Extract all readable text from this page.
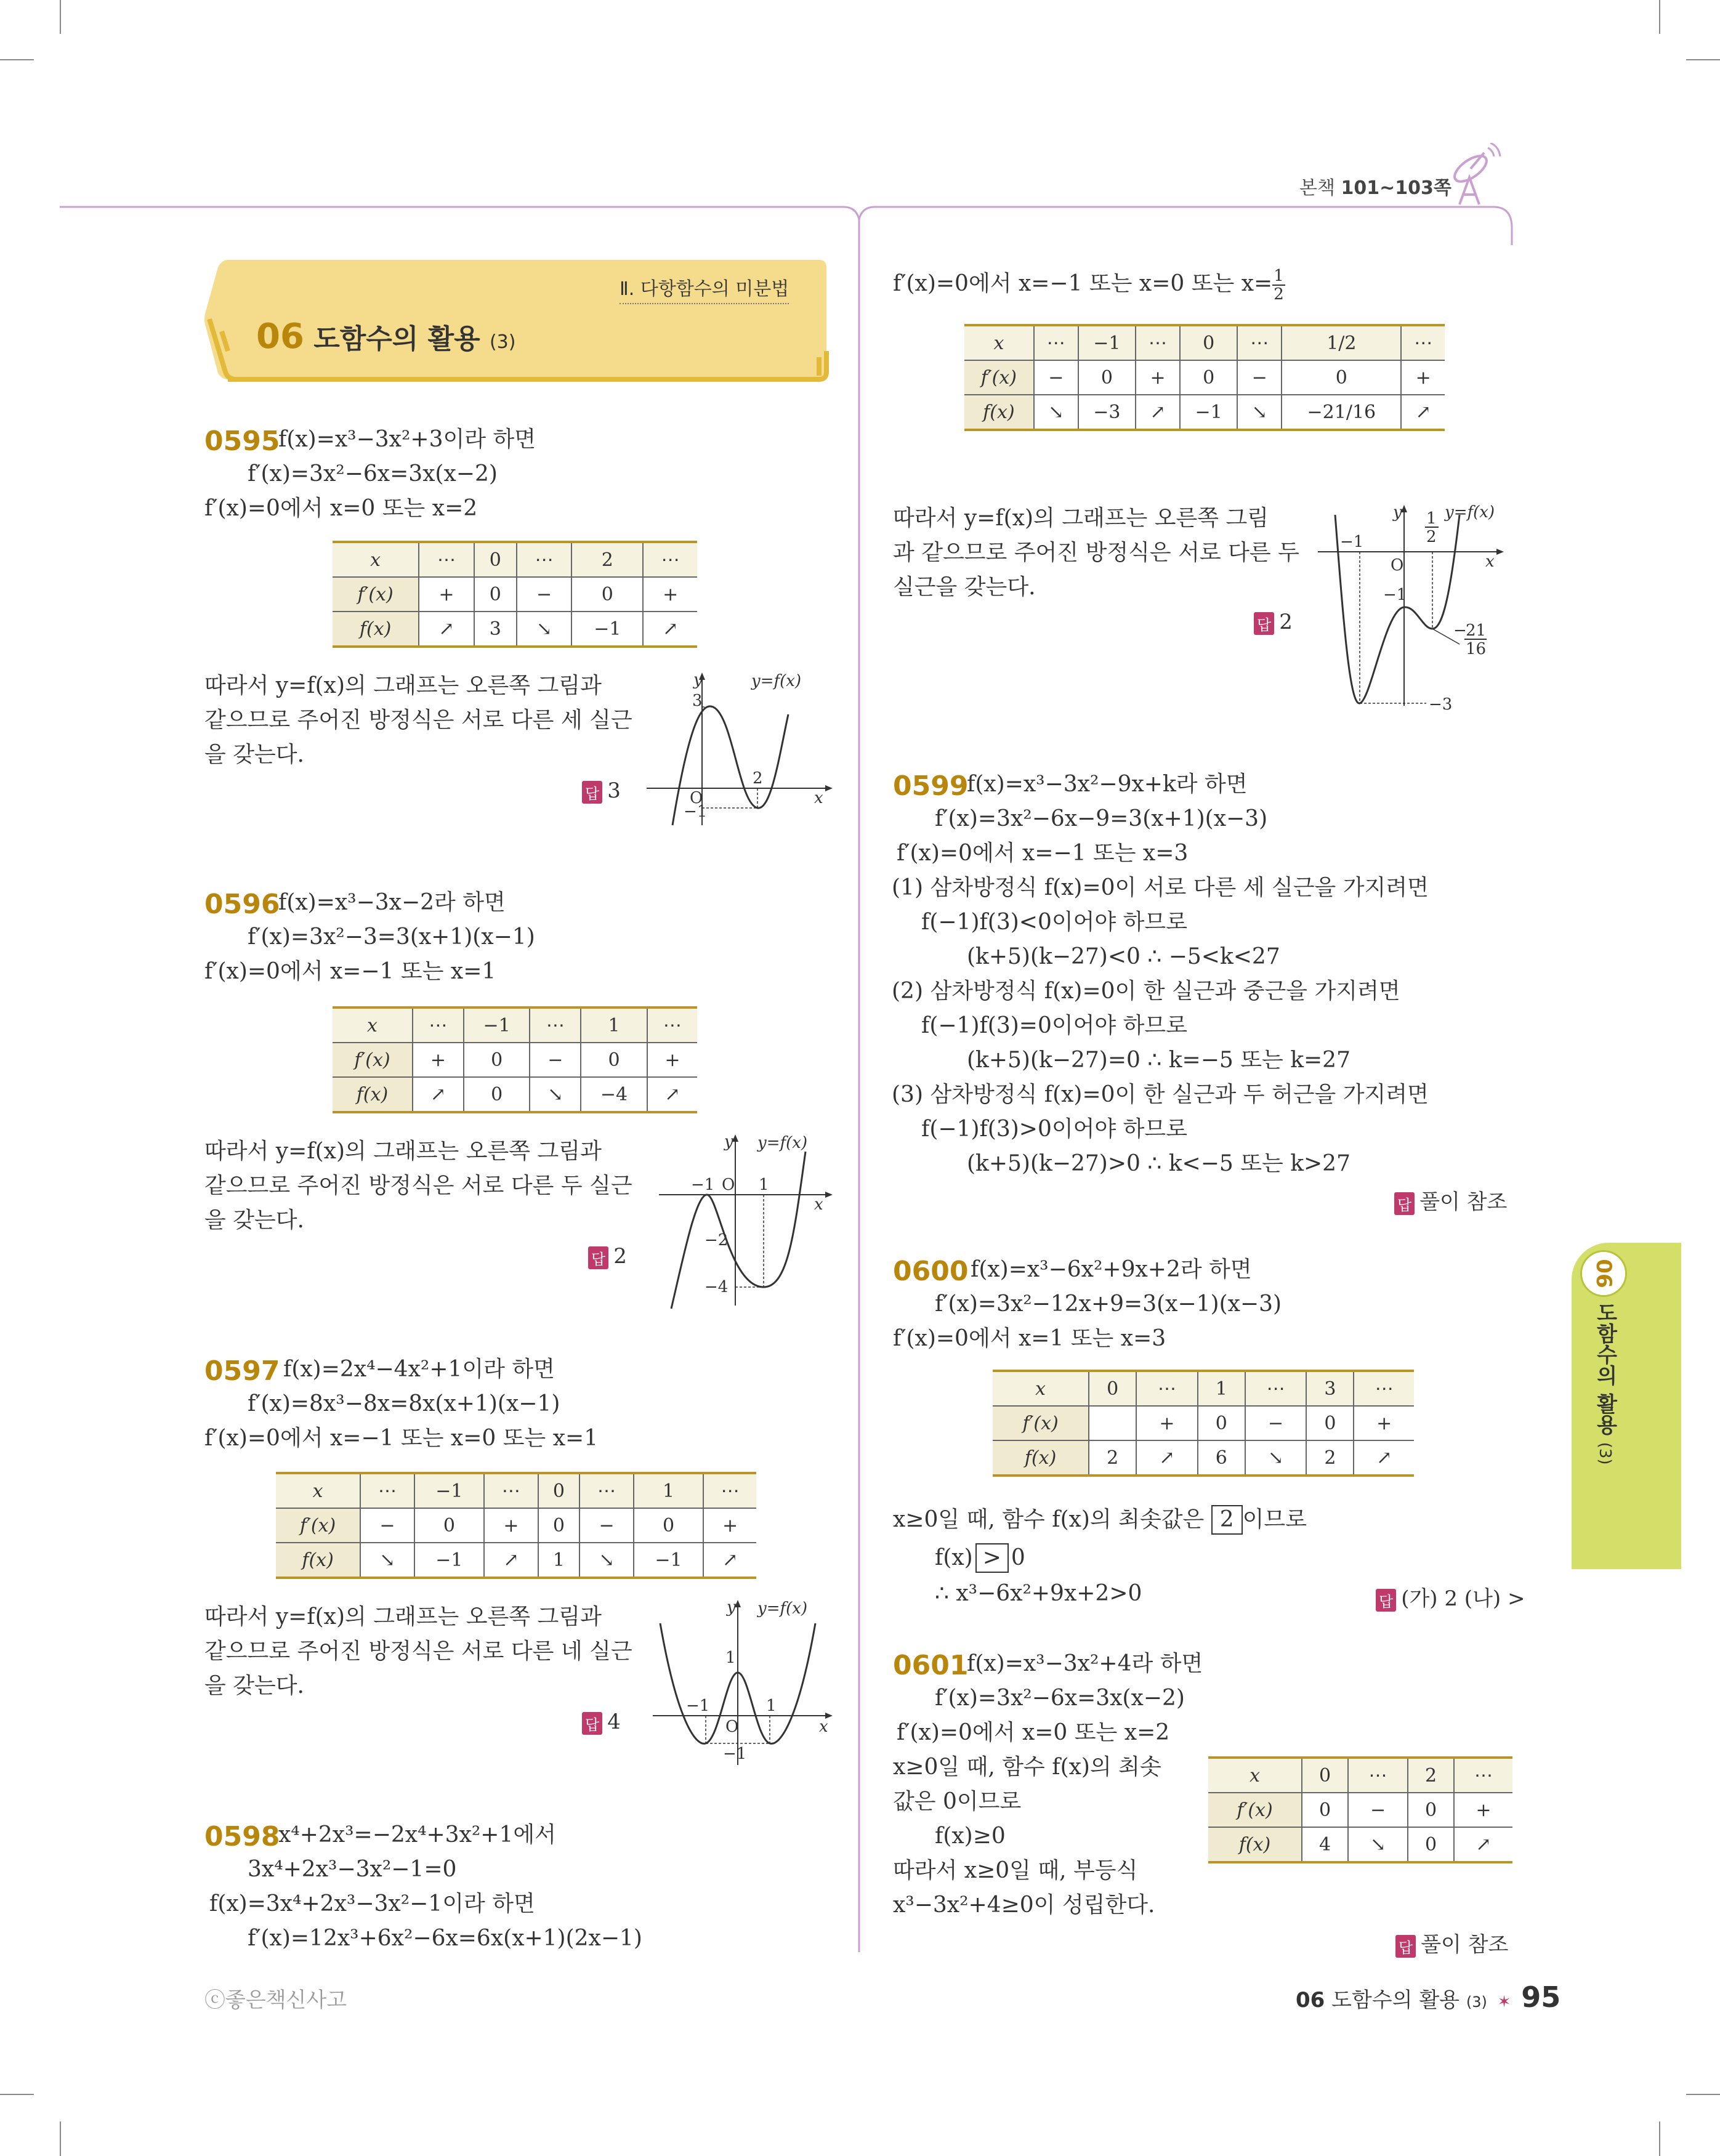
본책 101~103쪽
Ⅱ. 다항함수의 미분법
06 도함수의 활용 (3)
0595
f(x)=x³−3x²+3이라 하면
f′(x)=3x²−6x=3x(x−2)
f′(x)=0에서 x=0 또는 x=2
x	⋯	0	⋯	2	⋯
f′(x)	+	0	−	0	+
f(x)	↗	3	↘	−1	↗
따라서 y=f(x)의 그래프는 오른쪽 그림과
같으므로 주어진 방정식은 서로 다른 세 실근
을 갖는다.
답 3
y	y=f(x)
3
O
2
−1
x
0596
f(x)=x³−3x−2라 하면
f′(x)=3x²−3=3(x+1)(x−1)
f′(x)=0에서 x=−1 또는 x=1
x	⋯	−1	⋯	1	⋯
f′(x)	+	0	−	0	+
f(x)	↗	0	↘	−4	↗
따라서 y=f(x)의 그래프는 오른쪽 그림과
같으므로 주어진 방정식은 서로 다른 두 실근
을 갖는다.
답 2
y y=f(x)
−1 O 1
−2
−4
x
0597 f(x)=2x⁴−4x²+1이라 하면
f′(x)=8x³−8x=8x(x+1)(x−1)
f′(x)=0에서 x=−1 또는 x=0 또는 x=1
x	⋯	−1	⋯	0	⋯	1	⋯
f′(x)	−	0	+	0	−	0	+
f(x)	↘	−1	↗	1	↘	−1	↗
따라서 y=f(x)의 그래프는 오른쪽 그림과
같으므로 주어진 방정식은 서로 다른 네 실근
을 갖는다.
답 4
y y=f(x)
1
−1
O
1
−1
x
0598
x⁴+2x³=−2x⁴+3x²+1에서
3x⁴+2x³−3x²−1=0
f(x)=3x⁴+2x³−3x²−1이라 하면
f′(x)=12x³+6x²−6x=6x(x+1)(2x−1)
f′(x)=0에서 x=−1 또는 x=0 또는 $x= \frac{1}{2}$
x	⋯	−1	⋯	0	⋯	1/2	⋯
f′(x)	−	0	+	0	−	0	+
f(x)	↘	−3	↗	−1	↘	−21/16	↗
따라서 y=f(x)의 그래프는 오른쪽 그림
과 같으므로 주어진 방정식은 서로 다른 두
실근을 갖는다.
답 2
y	y=f(x)
−1
1
2
O
−1
−
21
16
−3
x
0599
f(x)=x³−3x²−9x+k라 하면
f′(x)=3x²−6x−9=3(x+1)(x−3)
f′(x)=0에서 x=−1 또는 x=3
(1) 삼차방정식 f(x)=0이 서로 다른 세 실근을 가지려면
f(−1)f(3)<0이어야 하므로
(k+5)(k−27)<0 ∴ −5<k<27
(2) 삼차방정식 f(x)=0이 한 실근과 중근을 가지려면
f(−1)f(3)=0이어야 하므로
(k+5)(k−27)=0 ∴ k=−5 또는 k=27
(3) 삼차방정식 f(x)=0이 한 실근과 두 허근을 가지려면
f(−1)f(3)>0이어야 하므로
(k+5)(k−27)>0 ∴ k<−5 또는 k>27
답 풀이 참조
0600 f(x)=x³−6x²+9x+2라 하면
f′(x)=3x²−12x+9=3(x−1)(x−3)
f′(x)=0에서 x=1 또는 x=3
x	0	⋯	1	⋯	3	⋯
f′(x)		+	0	−	0	+
f(x)	2	↗	6	↘	2	↗
x≥0일 때, 함수 f(x)의 최솟값은 2 이므로
f(x) > 0
∴ x³−6x²+9x+2>0	답 (가) 2 (나) >
0601
f(x)=x³−3x²+4라 하면
f′(x)=3x²−6x=3x(x−2)
f′(x)=0에서 x=0 또는 x=2
x≥0일 때, 함수 f(x)의 최솟
값은 0이므로
f(x)≥0
따라서 x≥0일 때, 부등식
x³−3x²+4≥0이 성립한다.
x	0	⋯	2	⋯
f′(x)	0	−	0	+
f(x)	4	↘	0	↗
답 풀이 참조
06
도함수의 활용 (3)
ⓒ좋은책신사고	06 도함수의 활용 (3) ✶ 95
